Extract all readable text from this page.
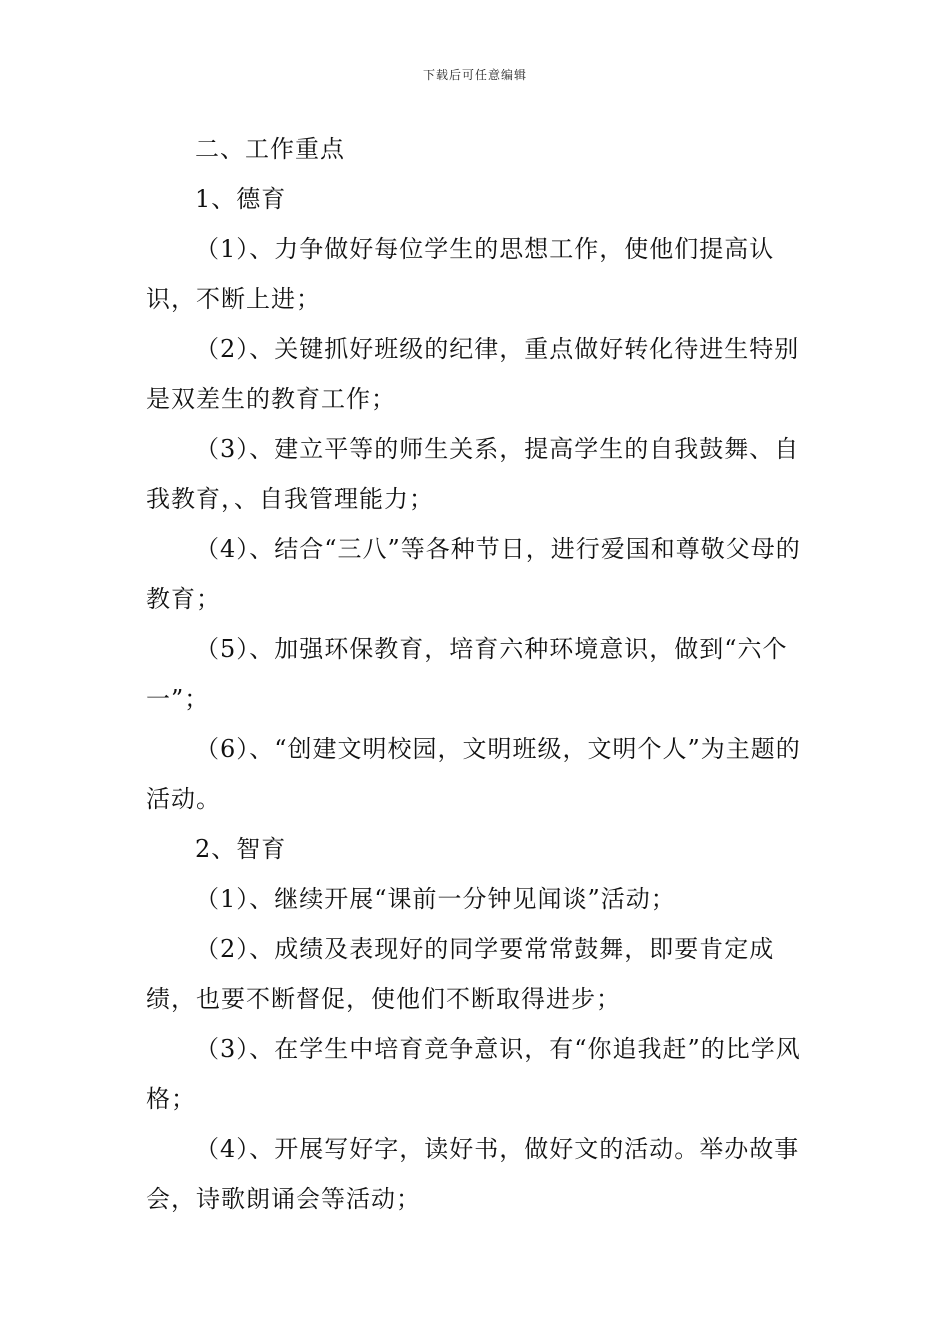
下载后可任意编辑

二、工作重点

1、德育

（1）、力争做好每位学生的思想工作，使他们提高认识，不断上进；

（2）、关键抓好班级的纪律，重点做好转化待进生特别是双差生的教育工作；

（3）、建立平等的师生关系，提高学生的自我鼓舞、自我教育，、自我管理能力；

（4）、结合“三八”等各种节日，进行爱国和尊敬父母的教育；

（5）、加强环保教育，培育六种环境意识，做到“六个一”；

（6）、“创建文明校园，文明班级，文明个人”为主题的活动。

2、智育

（1）、继续开展“课前一分钟见闻谈”活动；

（2）、成绩及表现好的同学要常常鼓舞，即要肯定成绩，也要不断督促，使他们不断取得进步；

（3）、在学生中培育竞争意识，有“你追我赶”的比学风格；

（4）、开展写好字，读好书，做好文的活动。举办故事会，诗歌朗诵会等活动；
